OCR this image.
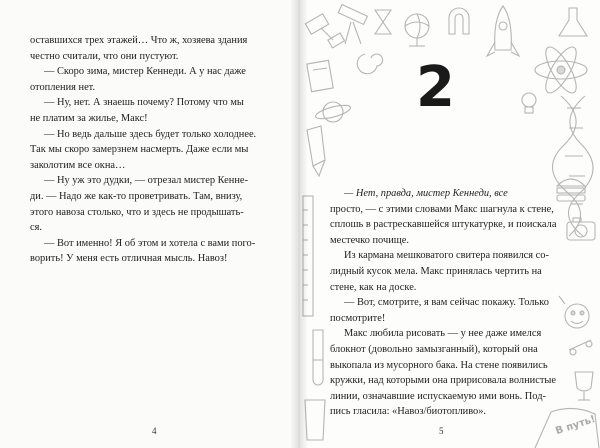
оставшихся трех этажей… Что ж, хозяева здания
честно считали, что они пустуют.
— Скоро зима, мистер Кеннеди. А у нас даже
отопления нет.
— Ну, нет. А знаешь почему? Потому что мы
не платим за жилье, Макс!
— Но ведь дальше здесь будет только холоднее.
Так мы скоро замерзнем насмерть. Даже если мы
заколотим все окна…
— Ну уж это дудки, — отрезал мистер Кенне-
ди. — Надо же как-то проветривать. Там, внизу,
этого навоза столько, что и здесь не продышать-
ся.
— Вот именно! Я об этом и хотела с вами пого-
ворить! У меня есть отличная мысль. Навоз!
4	В путь!
2
— Нет, правда, мистер Кеннеди, все
просто, — с этими словами Макс шагнула к стене,
сплошь в растрескавшейся штукатурке, и поискала
местечко почище.
Из кармана мешковатого свитера появился со-
лидный кусок мела. Макс принялась чертить на
стене, как на доске.
— Вот, смотрите, я вам сейчас покажу. Только
посмотрите!
Макс любила рисовать — у нее даже имелся
блокнот (довольно замызганный), который она
выкопала из мусорного бака. На стене появились
кружки, над которыми она пририсовала волнистые
линии, означавшие испускаемую ими вонь. Под-
пись гласила: «Навоз/биотопливо».
5
